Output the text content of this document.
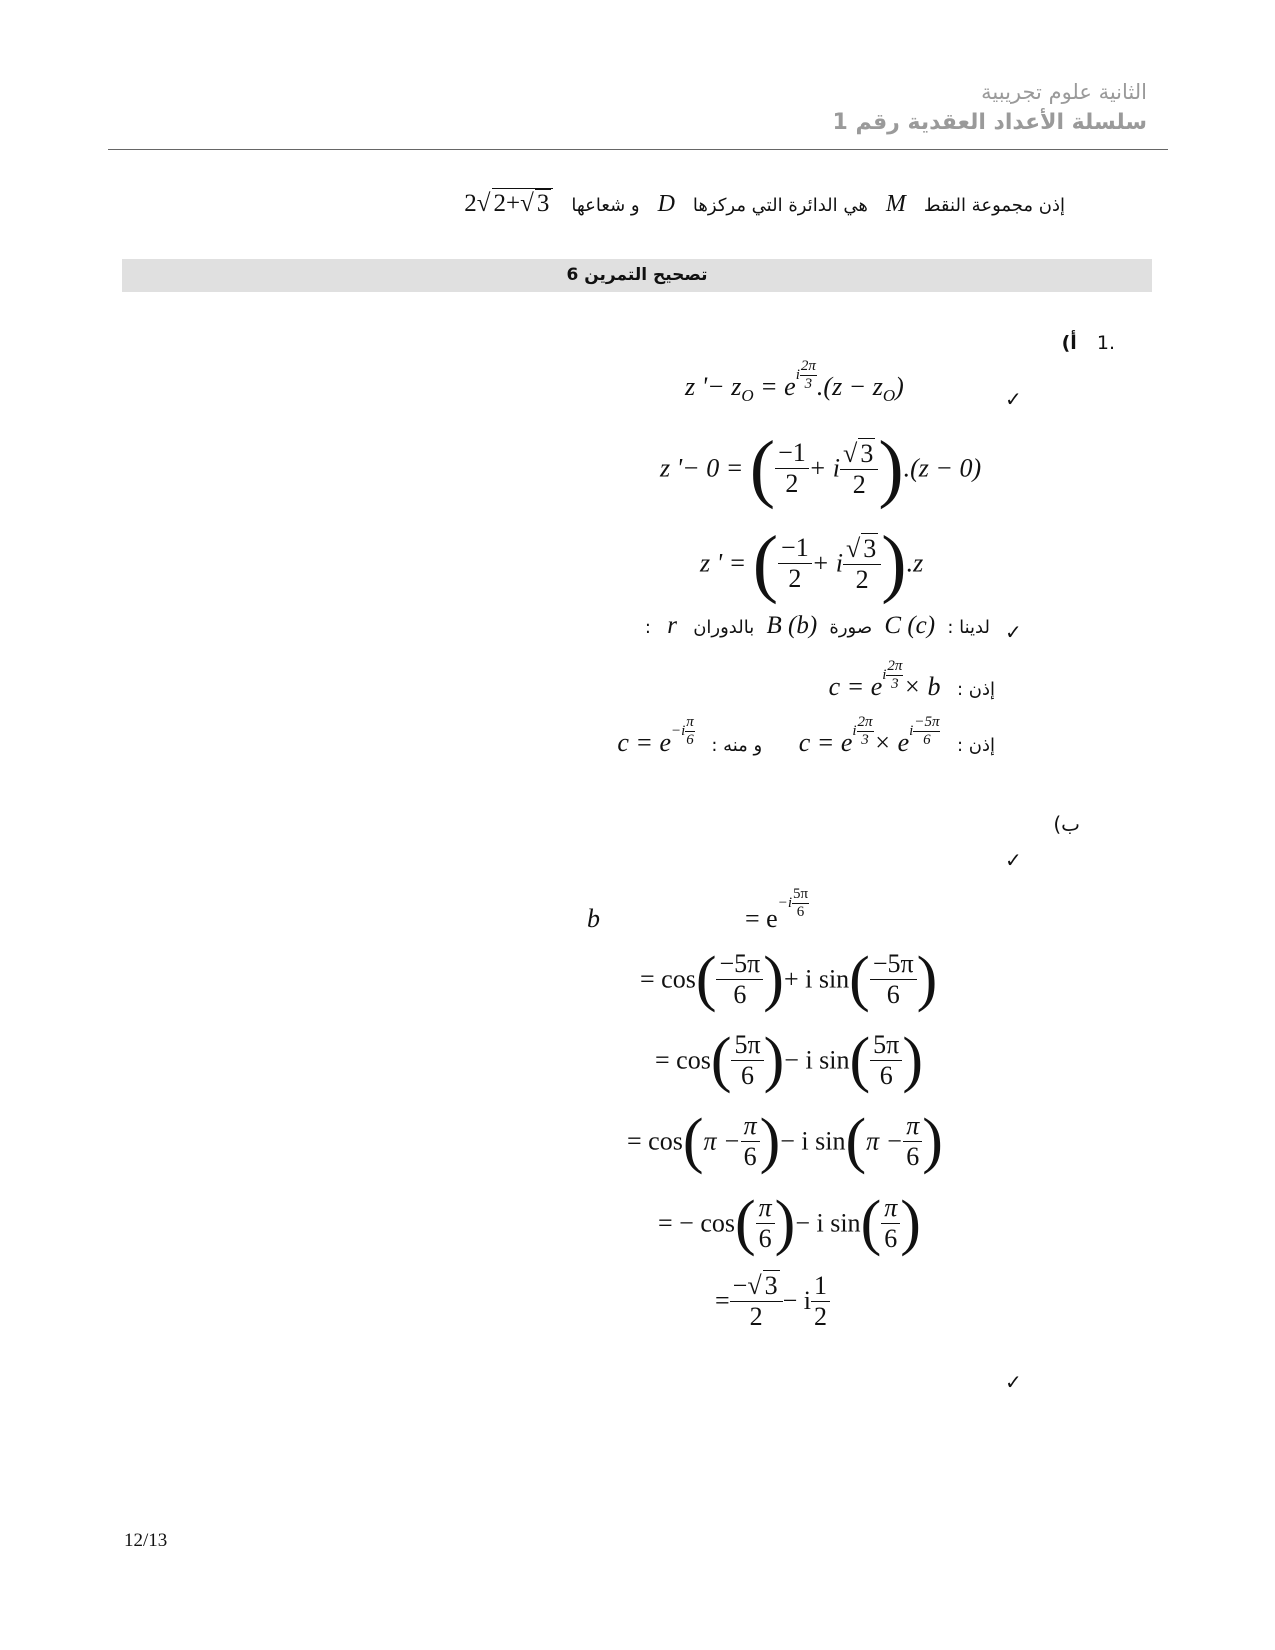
الثانية علوم تجريبية
سلسلة الأعداد العقدية رقم 1
إذن مجموعة النقط M هي الدائرة التي مركزها D و شعاعها 2√ 2+√ 3
تصحيح التمرين 6
.1 أ)
✓
z '− $z_O$ = ei $\frac{2\pi}{3} .(z - z_O)$
z '− 0 = ( $\frac{-1}{2} + i \frac{√ 3}{2} ).(z - 0)$
z ' = ( $\frac{-1}{2} + i \frac{√ 3}{2} ).z$
✓
لدينا : C (c) صورة B (b) بالدوران r :
إذن : c = ei $\frac{2\pi}{3} \times b$
إذن : c = ei $\frac{2\pi}{3}$ × ei $\frac{-5\pi}{6}$
و منه : $c = e-i \frac{\pi}{6}$
ب)
✓
b	= $e-i \frac{5\pi}{6}$
= $\cos( \frac{-5\pi}{6}$ )+ i $\sin( \frac{-5\pi}{6}$ )
= $\cos( \frac{5\pi}{6}$ )− i $\sin( \frac{5\pi}{6}$ )
= $\cos(\pi - \frac{\pi}{6}$ )− i $\sin(\pi - \frac{\pi}{6}$ )
= − $\cos( \frac{\pi}{6}$ )− i $\sin( \frac{\pi}{6}$ )
= $\frac{-√ 3}{2} - i \frac{1}{2}$
✓
12/13
